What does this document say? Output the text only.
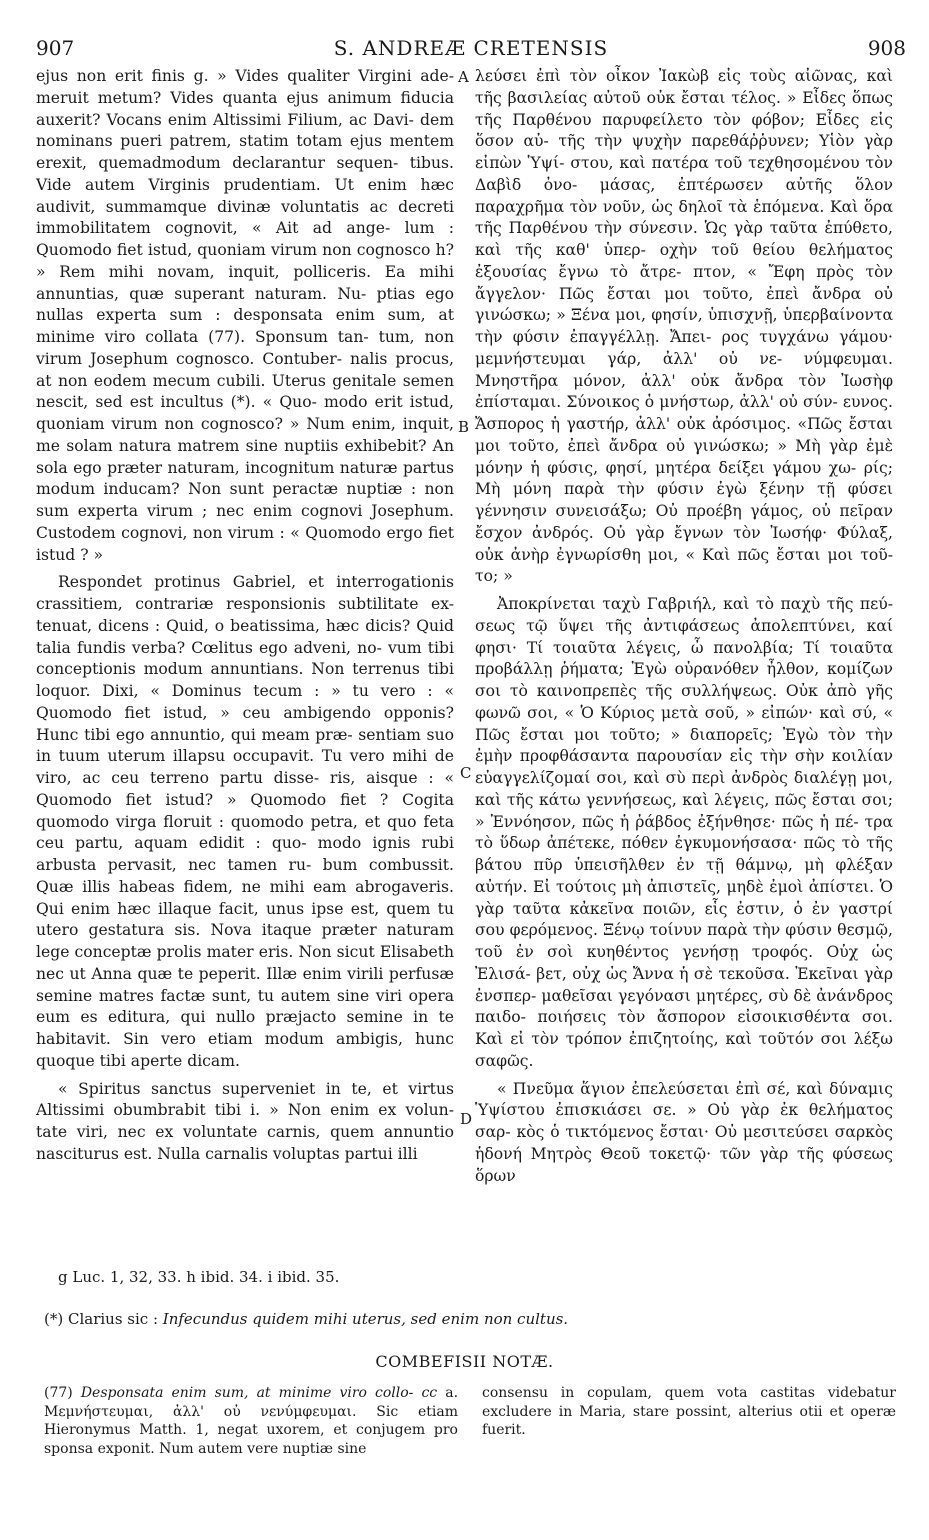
907	S. ANDREÆ CRETENSIS	908

ejus non erit finis g. » Vides qualiter Virgini ade- meruit metum? Vides quanta ejus animum fiducia auxerit? Vocans enim Altissimi Filium, ac Davi- dem nominans pueri patrem, statim totam ejus mentem erexit, quemadmodum declarantur sequen- tibus. Vide autem Virginis prudentiam. Ut enim hæc audivit, summamque divinæ voluntatis ac decreti immobilitatem cognovit, « Ait ad ange- lum : Quomodo fiet istud, quoniam virum non cognosco h? » Rem mihi novam, inquit, polliceris. Ea mihi annuntias, quæ superant naturam. Nu- ptias ego nullas experta sum : desponsata enim sum, at minime viro collata (77). Sponsum tan- tum, non virum Josephum cognosco. Contuber- nalis procus, at non eodem mecum cubili. Uterus genitale semen nescit, sed est incultus (*). « Quo- modo erit istud, quoniam virum non cognosco? » Num enim, inquit, me solam natura matrem sine nuptiis exhibebit? An sola ego præter naturam, incognitum naturæ partus modum inducam? Non sunt peractæ nuptiæ : non sum experta virum ; nec enim cognovi Josephum. Custodem cognovi, non virum : « Quomodo ergo fiet istud ? »

Respondet protinus Gabriel, et interrogationis crassitiem, contrariæ responsionis subtilitate ex- tenuat, dicens : Quid, o beatissima, hæc dicis? Quid talia fundis verba? Cœlitus ego adveni, no- vum tibi conceptionis modum annuntians. Non terrenus tibi loquor. Dixi, « Dominus tecum : » tu vero : « Quomodo fiet istud, » ceu ambigendo opponis? Hunc tibi ego annuntio, qui meam præ- sentiam suo in tuum uterum illapsu occupavit. Tu vero mihi de viro, ac ceu terreno partu disse- ris, aisque : « Quomodo fiet istud? » Quomodo fiet ? Cogita quomodo virga floruit : quomodo petra, et quo feta ceu partu, aquam edidit : quo- modo ignis rubi arbusta pervasit, nec tamen ru- bum combussit. Quæ illis habeas fidem, ne mihi eam abrogaveris. Qui enim hæc illaque facit, unus ipse est, quem tu utero gestatura sis. Nova itaque præter naturam lege conceptæ prolis mater eris. Non sicut Elisabeth nec ut Anna quæ te peperit. Illæ enim virili perfusæ semine matres factæ sunt, tu autem sine viri opera eum es editura, qui nullo præjacto semine in te habitavit. Sin vero etiam modum ambigis, hunc quoque tibi aperte dicam.

« Spiritus sanctus superveniet in te, et virtus Altissimi obumbrabit tibi i. » Non enim ex volun- tate viri, nec ex voluntate carnis, quem annuntio nasciturus est. Nulla carnalis voluptas partui illi

λεύσει ἐπὶ τὸν οἶκον Ἰακὼβ εἰς τοὺς αἰῶνας, καὶ τῆς βασιλείας αὐτοῦ οὐκ ἔσται τέλος. » Εἶδες ὅπως τῆς Παρθένου παρυφείλετο τὸν φόβον; Εἶδες εἰς ὅσον αὐ- τῆς τὴν ψυχὴν παρεθάῤῥυνεν; Υἱὸν γὰρ εἰπὼν Ὑψί- στου, καὶ πατέρα τοῦ τεχθησομένου τὸν Δαβὶδ ὀνο- μάσας, ἐπτέρωσεν αὐτῆς ὅλον παραχρῆμα τὸν νοῦν, ὡς δηλοῖ τὰ ἑπόμενα. Καὶ ὅρα τῆς Παρθένου τὴν σύνεσιν. Ὡς γὰρ ταῦτα ἐπύθετο, καὶ τῆς καθ' ὑπερ- οχὴν τοῦ θείου θελήματος ἐξουσίας ἔγνω τὸ ἄτρε- πτον, « Ἔφη πρὸς τὸν ἄγγελον· Πῶς ἔσται μοι τοῦτο, ἐπεὶ ἄνδρα οὐ γινώσκω; » Ξένα μοι, φησίν, ὑπισχνῇ, ὑπερβαίνοντα τὴν φύσιν ἐπαγγέλλῃ. Ἄπει- ρος τυγχάνω γάμου· μεμνήστευμαι γάρ, ἀλλ' οὐ νε- νύμφευμαι. Μνηστῆρα μόνον, ἀλλ' οὐκ ἄνδρα τὸν Ἰωσὴφ ἐπίσταμαι. Σύνοικος ὁ μνήστωρ, ἀλλ' οὐ σύν- ευνος. Ἄσπορος ἡ γαστήρ, ἀλλ' οὐκ ἀρόσιμος. «Πῶς ἔσται μοι τοῦτο, ἐπεὶ ἄνδρα οὐ γινώσκω; » Μὴ γὰρ ἐμὲ μόνην ἡ φύσις, φησί, μητέρα δείξει γάμου χω- ρίς; Μὴ μόνη παρὰ τὴν φύσιν ἐγὼ ξένην τῇ φύσει γέννησιν συνεισάξω; Οὐ προέβη γάμος, οὐ πεῖραν ἔσχον ἀνδρός. Οὐ γὰρ ἔγνων τὸν Ἰωσήφ· Φύλαξ, οὐκ ἀνὴρ ἐγνωρίσθη μοι, « Καὶ πῶς ἔσται μοι τοῦ- το; »

Ἀποκρίνεται ταχὺ Γαβριήλ, καὶ τὸ παχὺ τῆς πεύ- σεως τῷ ὕψει τῆς ἀντιφάσεως ἀπολεπτύνει, καί φησι· Τί τοιαῦτα λέγεις, ὦ πανολβία; Τί τοιαῦτα προβάλλῃ ῥήματα; Ἐγὼ οὐρανόθεν ἦλθον, κομίζων σοι τὸ καινοπρεπὲς τῆς συλλήψεως. Οὐκ ἀπὸ γῆς φωνῶ σοι, « Ὁ Κύριος μετὰ σοῦ, » εἰπών· καὶ σύ, « Πῶς ἔσται μοι τοῦτο; » διαπορεῖς; Ἐγὼ τὸν τὴν ἐμὴν προφθάσαντα παρουσίαν εἰς τὴν σὴν κοιλίαν εὐαγγελίζομαί σοι, καὶ σὺ περὶ ἀνδρὸς διαλέγῃ μοι, καὶ τῆς κάτω γεννήσεως, καὶ λέγεις, πῶς ἔσται σοι; » Ἐννόησον, πῶς ἡ ῥάβδος ἐξήνθησε· πῶς ἡ πέ- τρα τὸ ὕδωρ ἀπέτεκε, πόθεν ἐγκυμονήσασα· πῶς τὸ τῆς βάτου πῦρ ὑπεισῆλθεν ἐν τῇ θάμνῳ, μὴ φλέξαν αὐτήν. Εἰ τούτοις μὴ ἀπιστεῖς, μηδὲ ἐμοὶ ἀπίστει. Ὁ γὰρ ταῦτα κἀκεῖνα ποιῶν, εἷς ἐστιν, ὁ ἐν γαστρί σου φερόμενος. Ξένῳ τοίνυν παρὰ τὴν φύσιν θεσμῷ, τοῦ ἐν σοὶ κυηθέντος γενήσῃ τροφός. Οὐχ ὡς Ἐλισά- βετ, οὐχ ὡς Ἄννα ἡ σὲ τεκοῦσα. Ἐκεῖναι γὰρ ἐνσπερ- μαθεῖσαι γεγόνασι μητέρες, σὺ δὲ ἀνάνδρος παιδο- ποιήσεις τὸν ἄσπορον εἰσοικισθέντα σοι. Καὶ εἰ τὸν τρόπον ἐπιζητοίης, καὶ τοῦτόν σοι λέξω σαφῶς.

« Πνεῦμα ἅγιον ἐπελεύσεται ἐπὶ σέ, καὶ δύναμις Ὑψίστου ἐπισκιάσει σε. » Οὐ γὰρ ἐκ θελήματος σαρ- κὸς ὁ τικτόμενος ἔσται· Οὐ μεσιτεύσει σαρκὸς ἡδονή Μητρὸς Θεοῦ τοκετῷ· τῶν γὰρ τῆς φύσεως ὅρων

A
B
C
D
g Luc. 1, 32, 33. h ibid. 34. i ibid. 35.
(*) Clarius sic : Infecundus quidem mihi uterus, sed enim non cultus.
COMBEFISII NOTÆ.
(77) Desponsata enim sum, at minime viro collo- cc a. Μεμνήστευμαι, ἀλλ' οὐ νενύμφευμαι. Sic etiam Hieronymus Matth. 1, negat uxorem, et conjugem pro sponsa exponit. Num autem vere nuptiæ sine
consensu in copulam, quem vota castitas videbatur excludere in Maria, stare possint, alterius otii et operæ fuerit.
